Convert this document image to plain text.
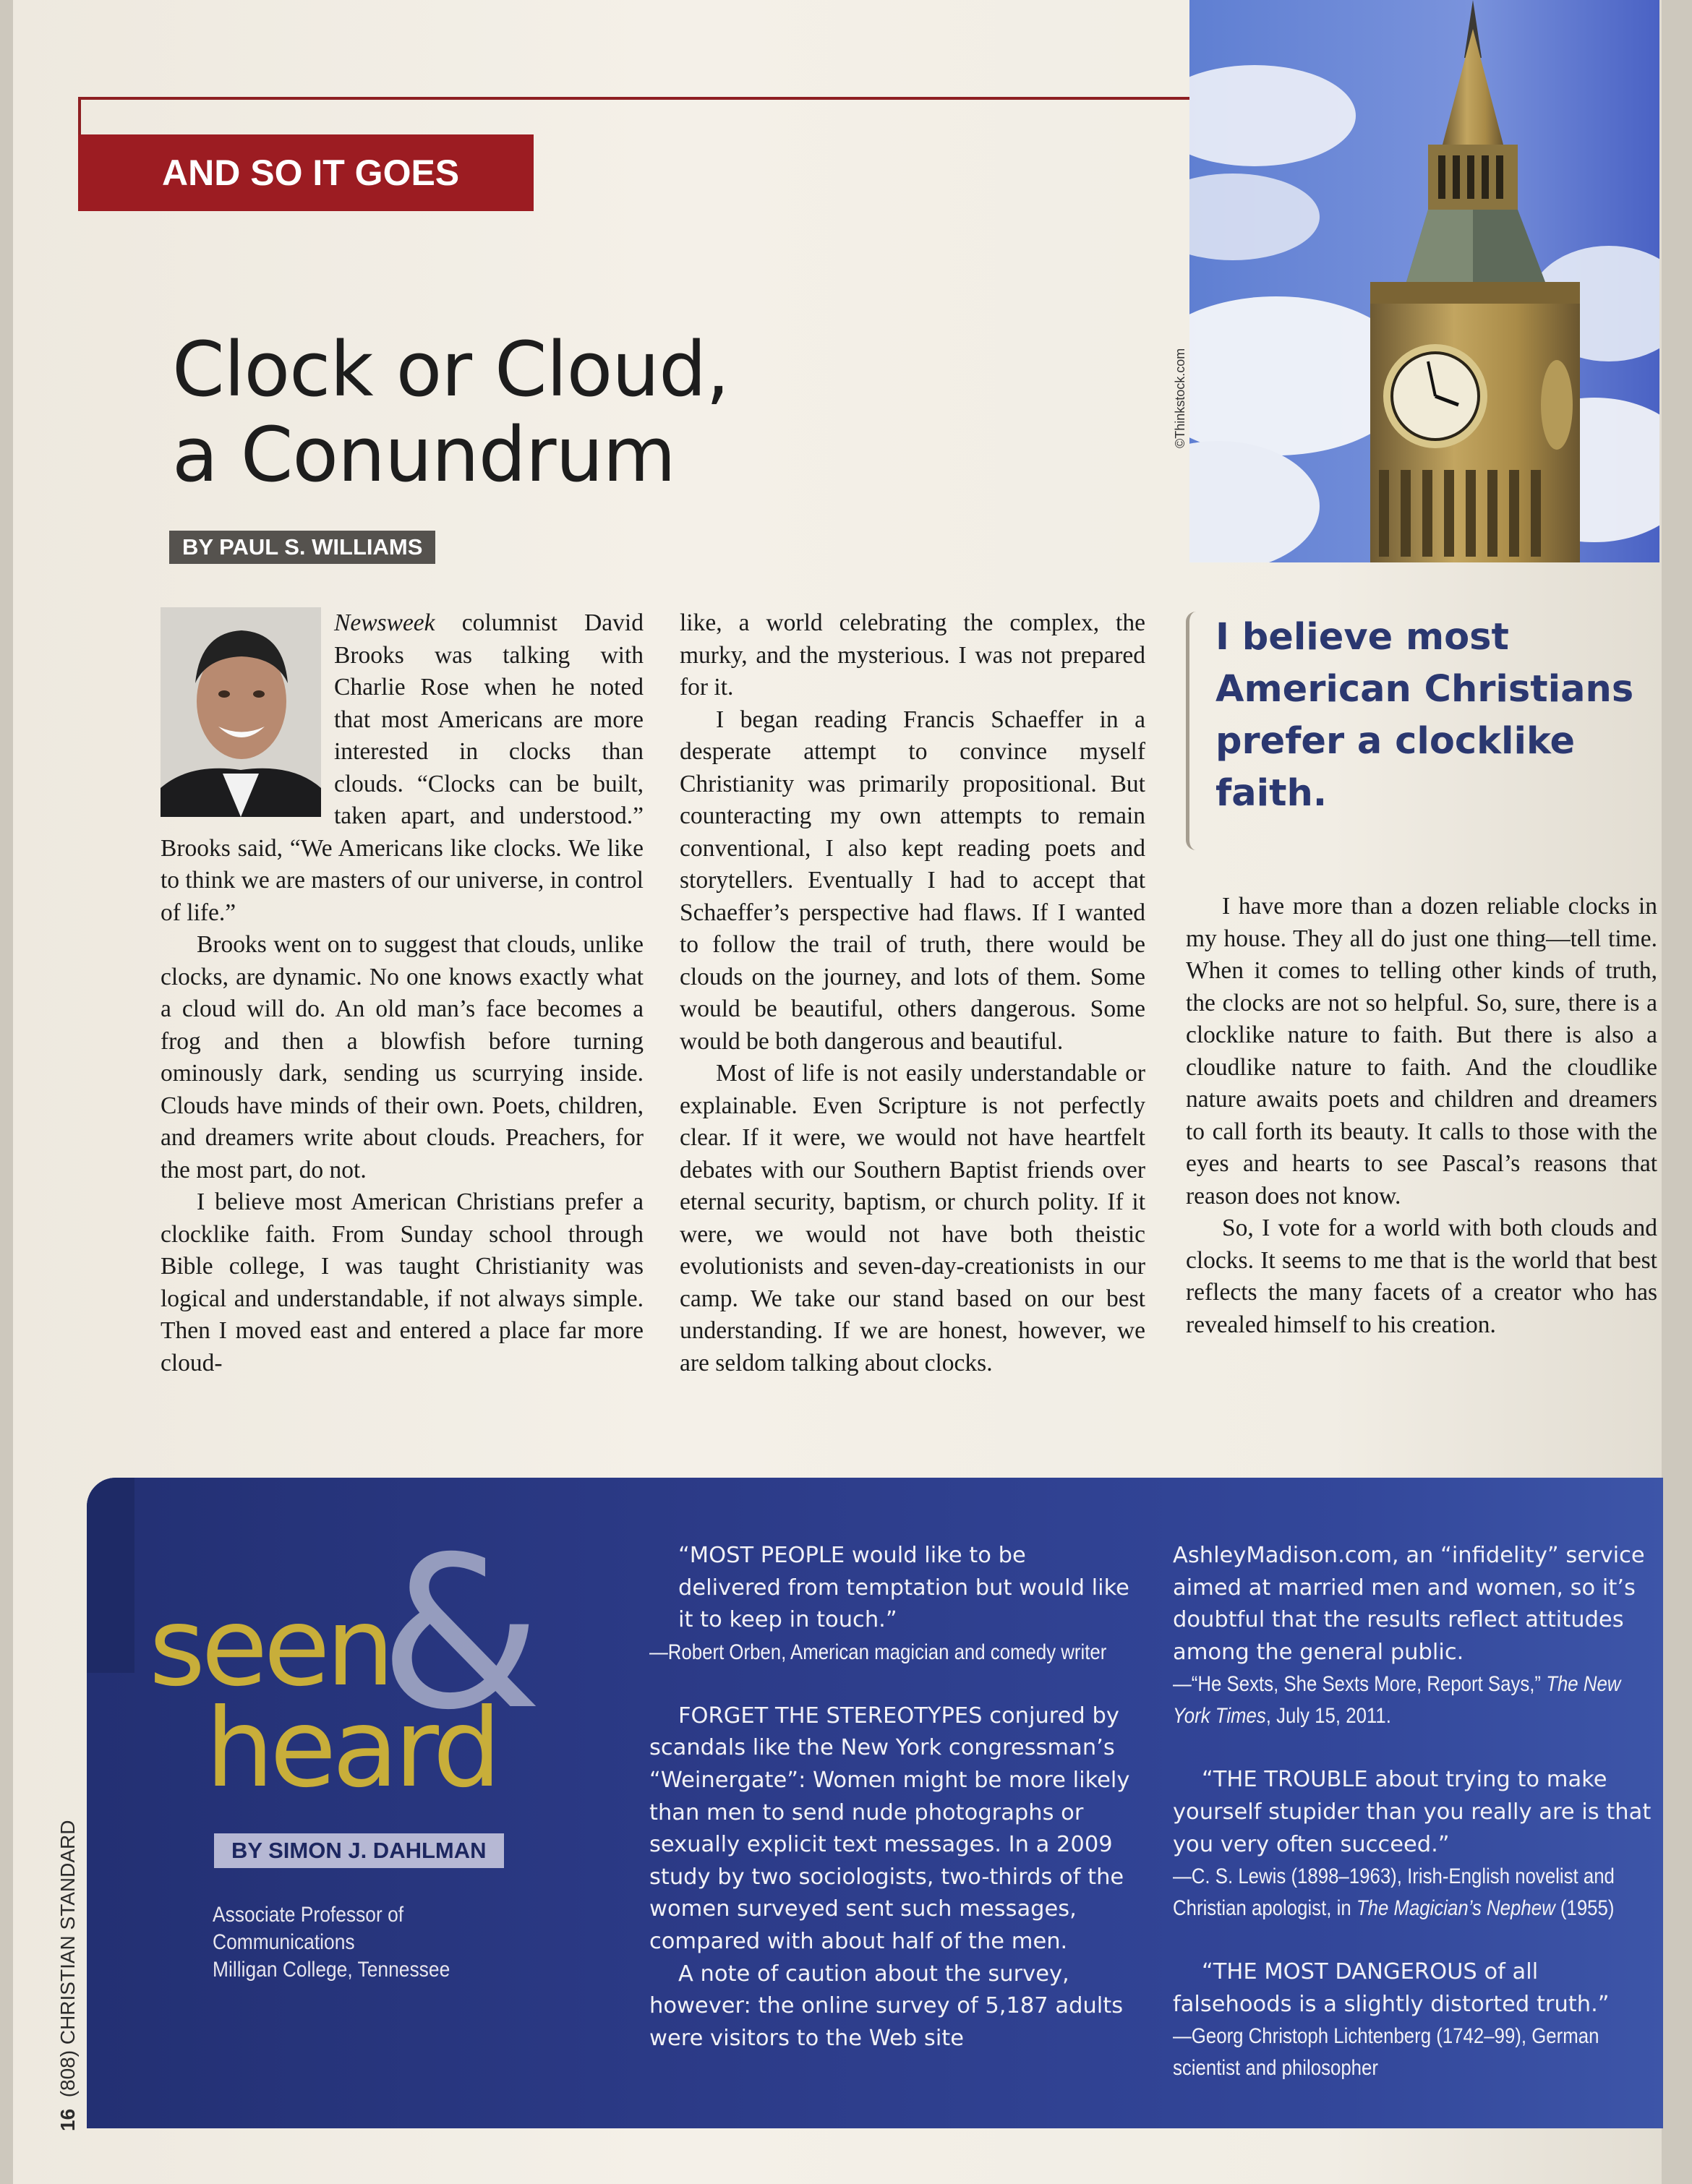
AND SO IT GOES
Clock or Cloud,
a Conundrum
BY PAUL S. WILLIAMS
©Thinkstock.com

Newsweek columnist David Brooks was talking with Charlie Rose when he noted that most Americans are more interested in clocks than clouds. “Clocks can be built, taken apart, and understood.” Brooks said, “We Americans like clocks. We like to think we are masters of our universe, in control of life.”

Brooks went on to suggest that clouds, unlike clocks, are dynamic. No one knows exactly what a cloud will do. An old man’s face becomes a frog and then a blowfish before turning ominously dark, sending us scurrying inside. Clouds have minds of their own. Poets, children, and dreamers write about clouds. Preachers, for the most part, do not.

I believe most American Christians prefer a clocklike faith. From Sunday school through Bible college, I was taught Christianity was logical and understandable, if not always simple. Then I moved east and entered a place far more cloud-

like, a world celebrating the complex, the murky, and the mysterious. I was not prepared for it.

I began reading Francis Schaeffer in a desperate attempt to convince myself Christianity was primarily propositional. But counteracting my own attempts to remain conventional, I also kept reading poets and storytellers. Eventually I had to accept that Schaeffer’s perspective had flaws. If I wanted to follow the trail of truth, there would be clouds on the journey, and lots of them. Some would be beautiful, others dangerous. Some would be both dangerous and beautiful.

Most of life is not easily understandable or explainable. Even Scripture is not perfectly clear. If it were, we would not have heartfelt debates with our Southern Baptist friends over eternal security, baptism, or church polity. If it were, we would not have both theistic evolutionists and seven-day-creationists in our camp. We take our stand based on our best understanding. If we are honest, however, we are seldom talking about clocks.

I believe most American Christians prefer a clocklike faith.

I have more than a dozen reliable clocks in my house. They all do just one thing—tell time. When it comes to telling other kinds of truth, the clocks are not so helpful. So, sure, there is a clocklike nature to faith. But there is also a cloudlike nature to faith. And the cloudlike nature awaits poets and children and dreamers to call forth its beauty. It calls to those with the eyes and hearts to see Pascal’s reasons that reason does not know.

So, I vote for a world with both clouds and clocks. It seems to me that is the world that best reflects the many facets of a creator who has revealed himself to his creation.

&
seen
heard
BY SIMON J. DAHLMAN
Associate Professor of Communications
Milligan College, Tennessee

“MOST PEOPLE would like to be delivered from temptation but would like it to keep in touch.”

—Robert Orben, American magician and comedy writer

FORGET THE STEREOTYPES conjured by scandals like the New York congressman’s “Weinergate”: Women might be more likely than men to send nude photographs or sexually explicit text messages. In a 2009 study by two sociologists, two-thirds of the women surveyed sent such messages, compared with about half of the men.

A note of caution about the survey, however: the online survey of 5,187 adults were visitors to the Web site

AshleyMadison.com, an “infidelity” service aimed at married men and women, so it’s doubtful that the results reflect attitudes among the general public.

—“He Sexts, She Sexts More, Report Says,” The New York Times, July 15, 2011.

“THE TROUBLE about trying to make yourself stupider than you really are is that you very often succeed.”

—C. S. Lewis (1898–1963), Irish-English novelist and Christian apologist, in The Magician’s Nephew (1955)

“THE MOST DANGEROUS of all falsehoods is a slightly distorted truth.”

—Georg Christoph Lichtenberg (1742–99), German scientist and philosopher

16  (808) CHRISTIAN STANDARD
